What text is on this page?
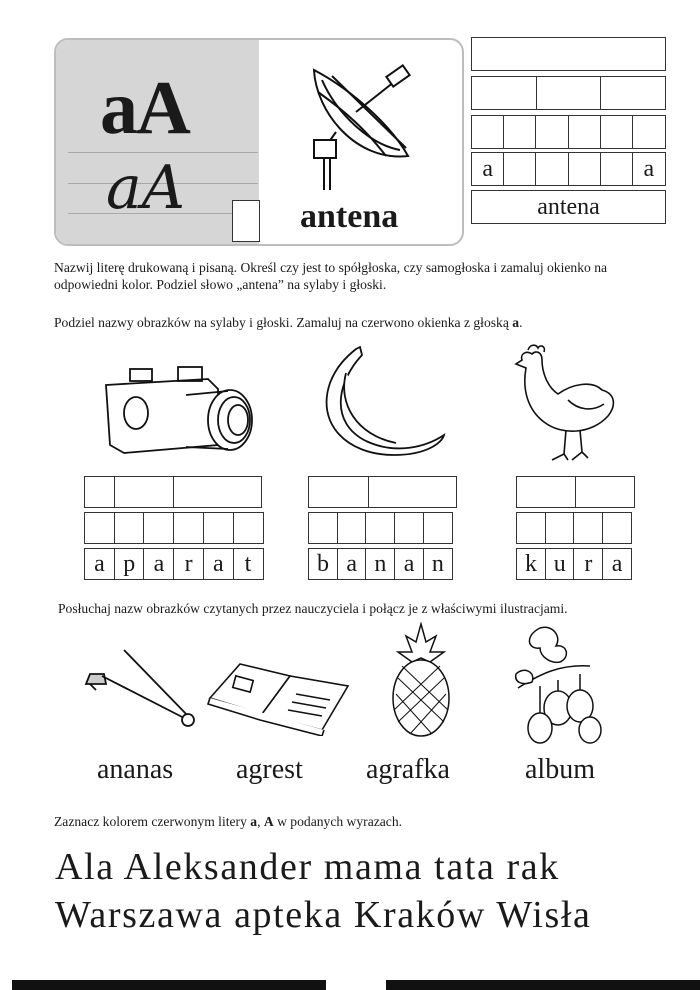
aA
aA	antena
a	a
antena
Nazwij literę drukowaną i pisaną. Określ czy jest to spółgłoska, czy samogłoska i zamaluj okienko na odpowiedni kolor. Podziel słowo „antena” na sylaby i głoski.
Podziel nazwy obrazków na sylaby i głoski. Zamaluj na czerwono okienka z głoską a.
a p a r a t	b a n a n	k u r a
Posłuchaj nazw obrazków czytanych przez nauczyciela i połącz je z właściwymi ilustracjami.
ananas agrest agrafka	album
Zaznacz kolorem czerwonym litery a, A w podanych wyrazach.
Ala Aleksander mama tata rak
Warszawa apteka Kraków Wisła
